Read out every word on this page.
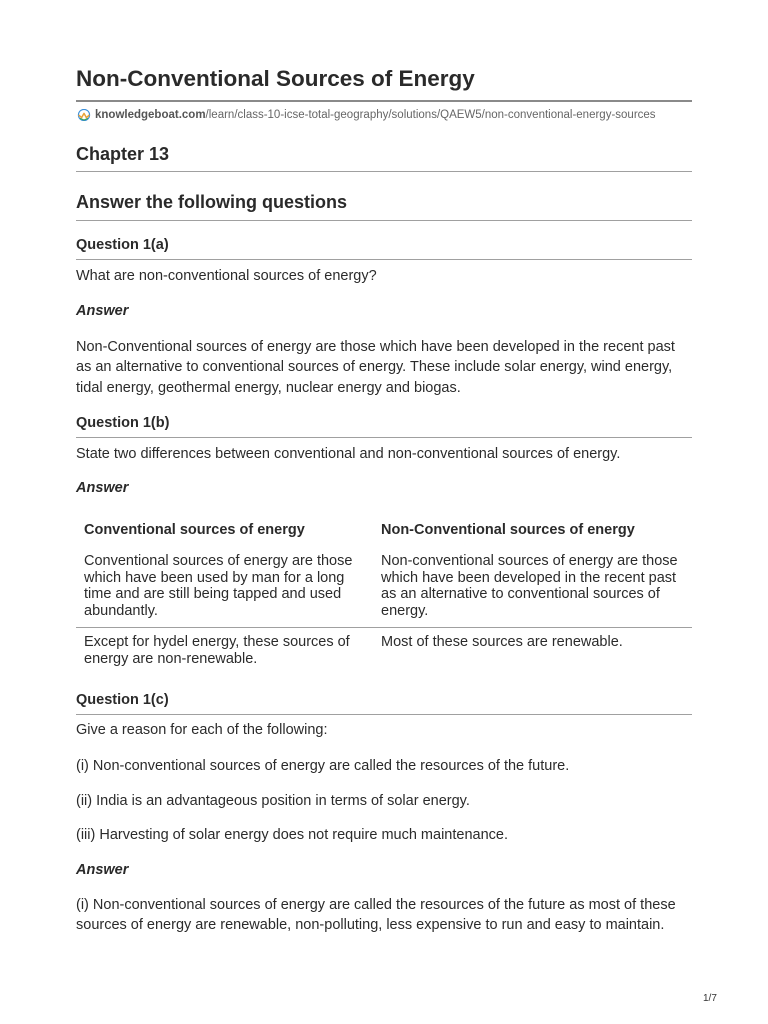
Non-Conventional Sources of Energy
knowledgeboat.com /learn/class-10-icse-total-geography/solutions/QAEW5/non-conventional-energy-sources
Chapter 13
Answer the following questions
Question 1(a)

What are non-conventional sources of energy?

Answer

Non-Conventional sources of energy are those which have been developed in the recent past as an alternative to conventional sources of energy. These include solar energy, wind energy, tidal energy, geothermal energy, nuclear energy and biogas.

Question 1(b)

State two differences between conventional and non-conventional sources of energy.

Answer

Conventional sources of energy	Non-Conventional sources of energy
Conventional sources of energy are those which have been used by man for a long time and are still being tapped and used abundantly.
Non-conventional sources of energy are those which have been developed in the recent past as an alternative to conventional sources of energy.
Except for hydel energy, these sources of energy are non-renewable.
Most of these sources are renewable.
Question 1(c)

Give a reason for each of the following:

(i) Non-conventional sources of energy are called the resources of the future.

(ii) India is an advantageous position in terms of solar energy.

(iii) Harvesting of solar energy does not require much maintenance.

Answer

(i) Non-conventional sources of energy are called the resources of the future as most of these sources of energy are renewable, non-polluting, less expensive to run and easy to maintain.

1/7
